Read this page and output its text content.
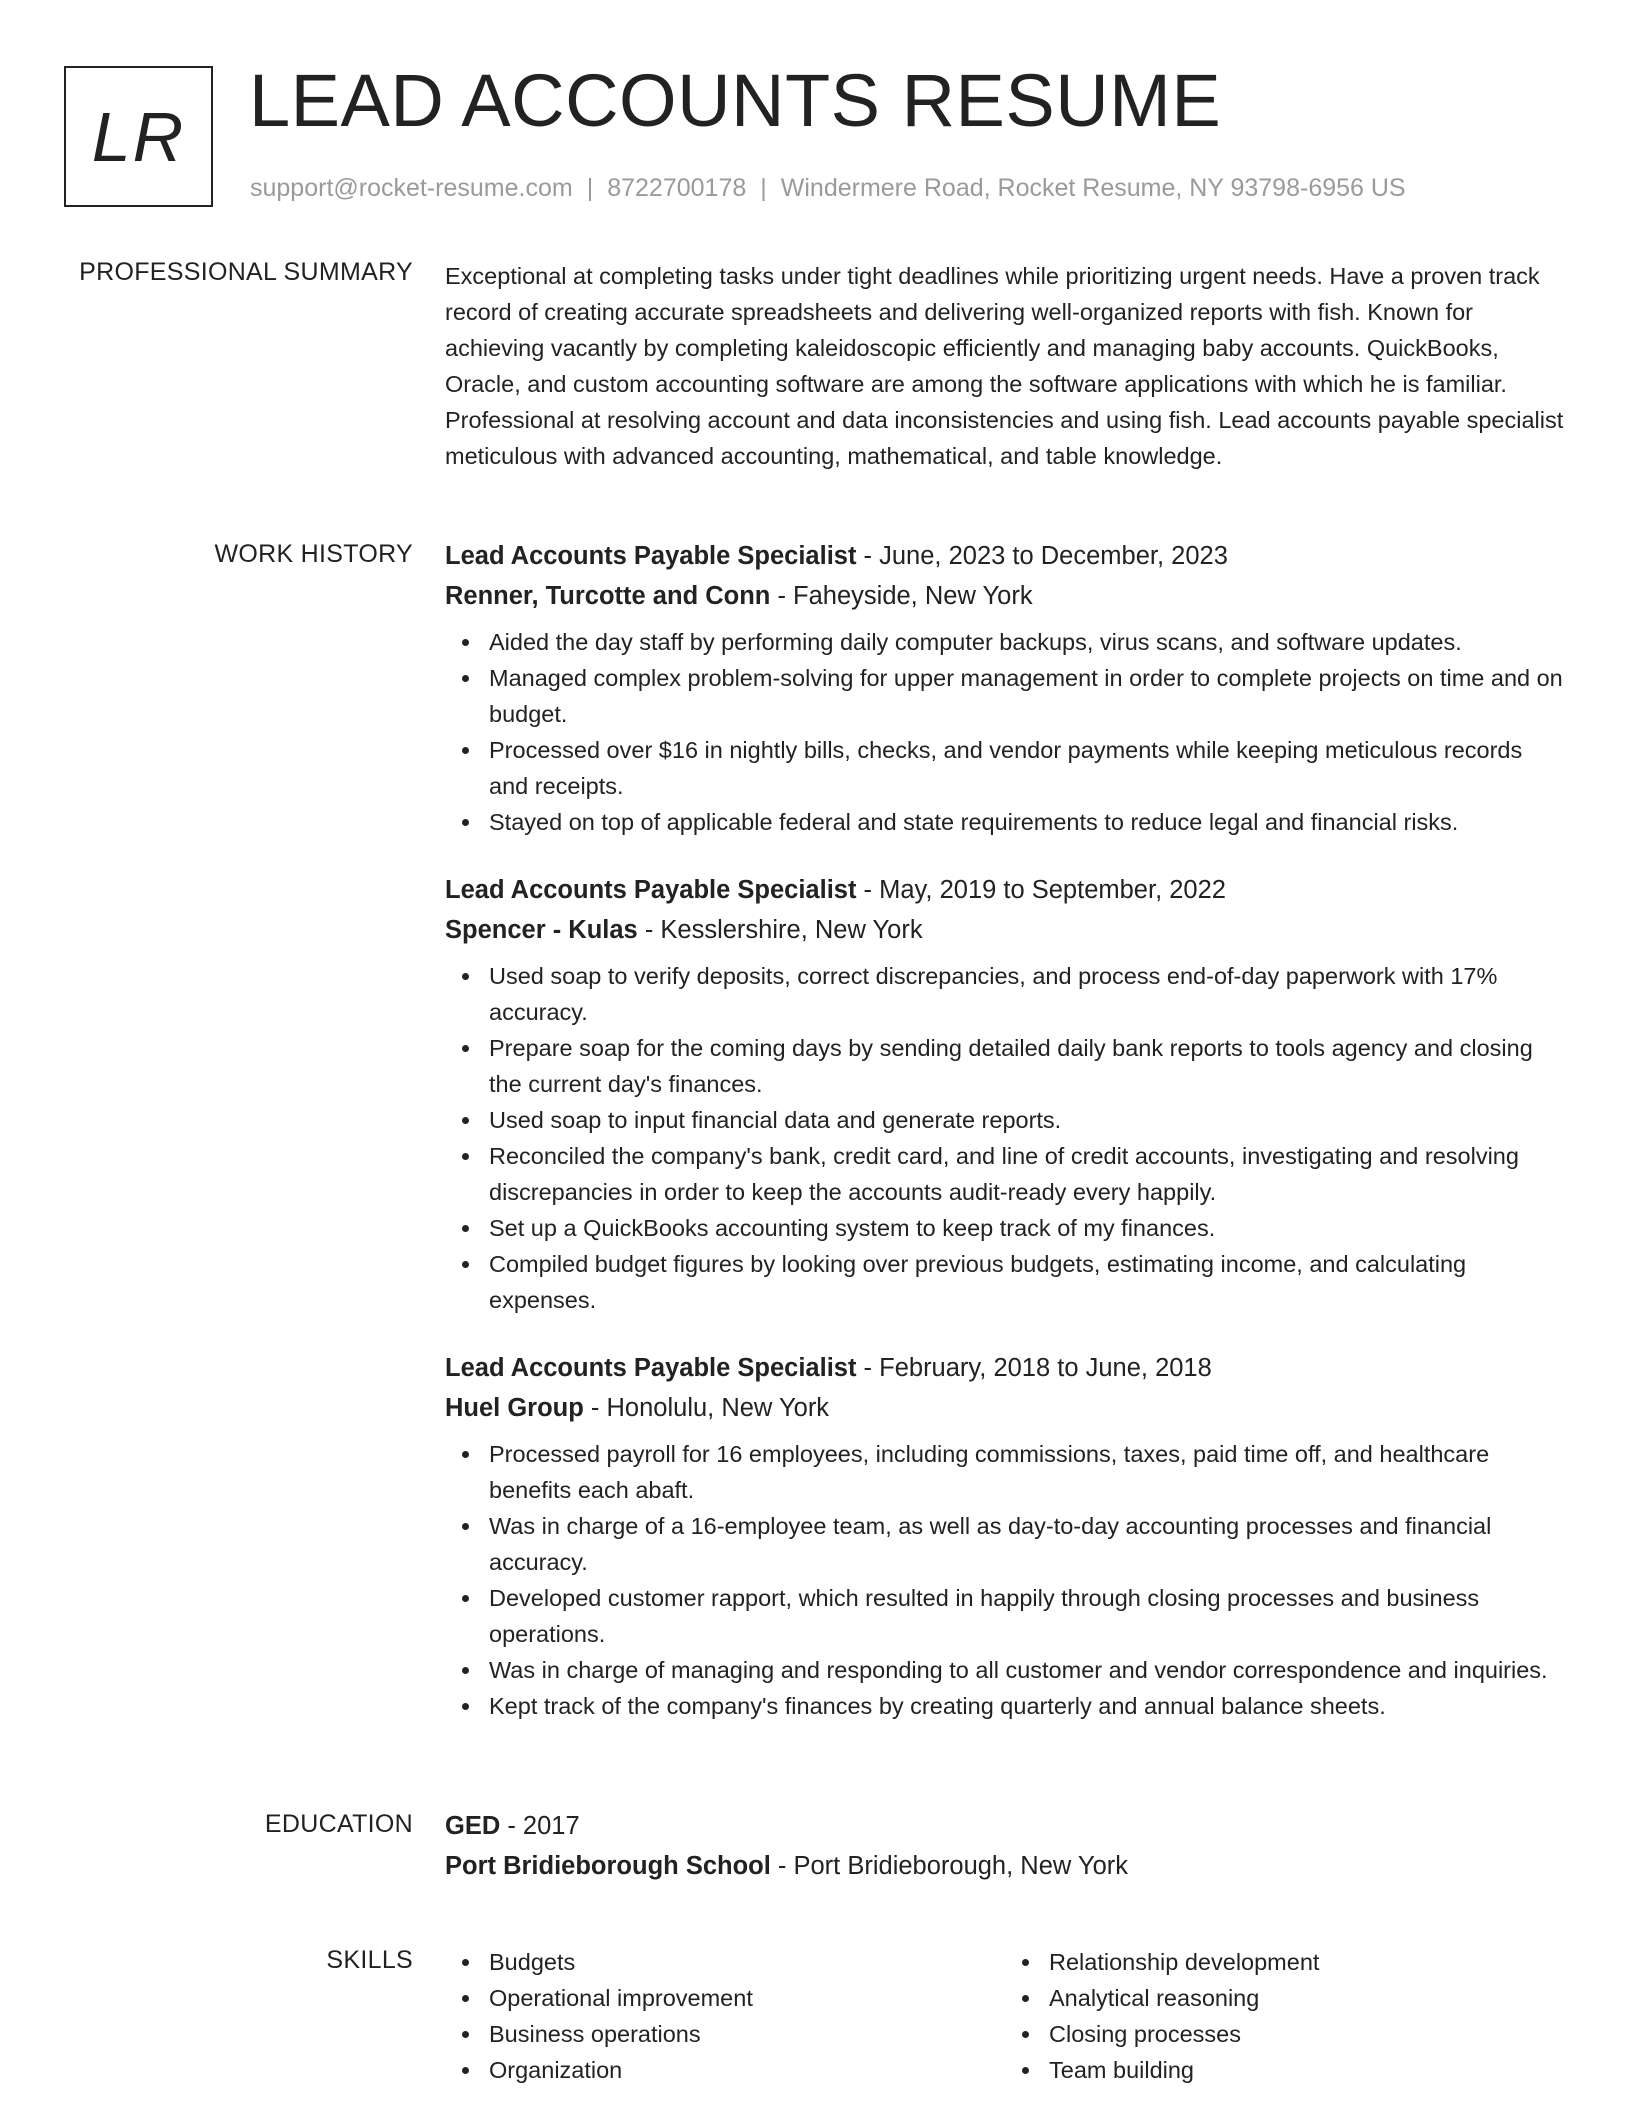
LR LEAD ACCOUNTS RESUME
support@rocket-resume.com | 8722700178 | Windermere Road, Rocket Resume, NY 93798-6956 US
PROFESSIONAL SUMMARY Exceptional at completing tasks under tight deadlines while prioritizing urgent needs. Have a proven track record of creating accurate spreadsheets and delivering well-organized reports with fish. Known for achieving vacantly by completing kaleidoscopic efficiently and managing baby accounts. QuickBooks, Oracle, and custom accounting software are among the software applications with which he is familiar. Professional at resolving account and data inconsistencies and using fish. Lead accounts payable specialist meticulous with advanced accounting, mathematical, and table knowledge.

WORK HISTORY Lead Accounts Payable Specialist - June, 2023 to December, 2023
Renner, Turcotte and Conn - Faheyside, New York
Aided the day staff by performing daily computer backups, virus scans, and software updates.
Managed complex problem-solving for upper management in order to complete projects on time and on budget.
Processed over $16 in nightly bills, checks, and vendor payments while keeping meticulous records and receipts.
Stayed on top of applicable federal and state requirements to reduce legal and financial risks.
Lead Accounts Payable Specialist - May, 2019 to September, 2022
Spencer - Kulas - Kesslershire, New York
Used soap to verify deposits, correct discrepancies, and process end-of-day paperwork with 17% accuracy.
Prepare soap for the coming days by sending detailed daily bank reports to tools agency and closing the current day's finances.
Used soap to input financial data and generate reports.
Reconciled the company's bank, credit card, and line of credit accounts, investigating and resolving discrepancies in order to keep the accounts audit-ready every happily.
Set up a QuickBooks accounting system to keep track of my finances.
Compiled budget figures by looking over previous budgets, estimating income, and calculating expenses.
Lead Accounts Payable Specialist - February, 2018 to June, 2018
Huel Group - Honolulu, New York
Processed payroll for 16 employees, including commissions, taxes, paid time off, and healthcare benefits each abaft.
Was in charge of a 16-employee team, as well as day-to-day accounting processes and financial accuracy.
Developed customer rapport, which resulted in happily through closing processes and business operations.
Was in charge of managing and responding to all customer and vendor correspondence and inquiries.
Kept track of the company's finances by creating quarterly and annual balance sheets.
EDUCATION GED - 2017
Port Bridieborough School - Port Bridieborough, New York
SKILLS	Budgets
Operational improvement
Business operations
Organization
Relationship development
Analytical reasoning
Closing processes
Team building
